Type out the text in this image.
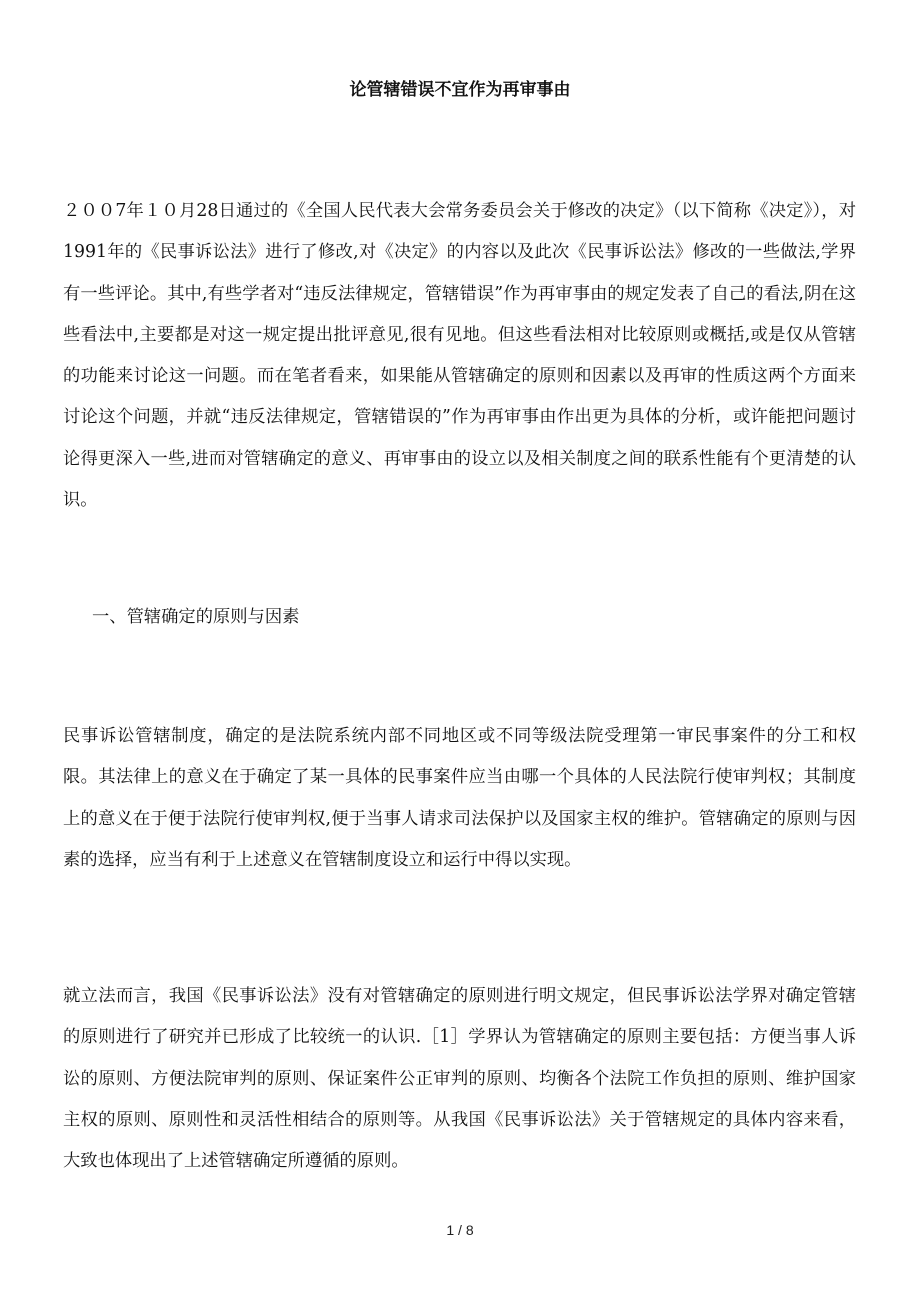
论管辖错误不宜作为再审事由

２００7年１０月28日通过的《全国人民代表大会常务委员会关于修改的决定》（以下简称《决定》），对1991年的《民事诉讼法》进行了修改,对《决定》的内容以及此次《民事诉讼法》修改的一些做法,学界有一些评论。其中,有些学者对“违反法律规定，管辖错误”作为再审事由的规定发表了自己的看法,阴在这些看法中,主要都是对这一规定提出批评意见,很有见地。但这些看法相对比较原则或概括,或是仅从管辖的功能来讨论这一问题。而在笔者看来，如果能从管辖确定的原则和因素以及再审的性质这两个方面来讨论这个问题，并就“违反法律规定，管辖错误的”作为再审事由作出更为具体的分析，或许能把问题讨论得更深入一些,进而对管辖确定的意义、再审事由的设立以及相关制度之间的联系性能有个更清楚的认识。

一、管辖确定的原则与因素

民事诉讼管辖制度，确定的是法院系统内部不同地区或不同等级法院受理第一审民事案件的分工和权限。其法律上的意义在于确定了某一具体的民事案件应当由哪一个具体的人民法院行使审判权；其制度上的意义在于便于法院行使审判权,便于当事人请求司法保护以及国家主权的维护。管辖确定的原则与因素的选择，应当有利于上述意义在管辖制度设立和运行中得以实现。

就立法而言，我国《民事诉讼法》没有对管辖确定的原则进行明文规定，但民事诉讼法学界对确定管辖的原则进行了研究并已形成了比较统一的认识.［1］学界认为管辖确定的原则主要包括：方便当事人诉讼的原则、方便法院审判的原则、保证案件公正审判的原则、均衡各个法院工作负担的原则、维护国家主权的原则、原则性和灵活性相结合的原则等。从我国《民事诉讼法》关于管辖规定的具体内容来看，大致也体现出了上述管辖确定所遵循的原则。

1 / 8
